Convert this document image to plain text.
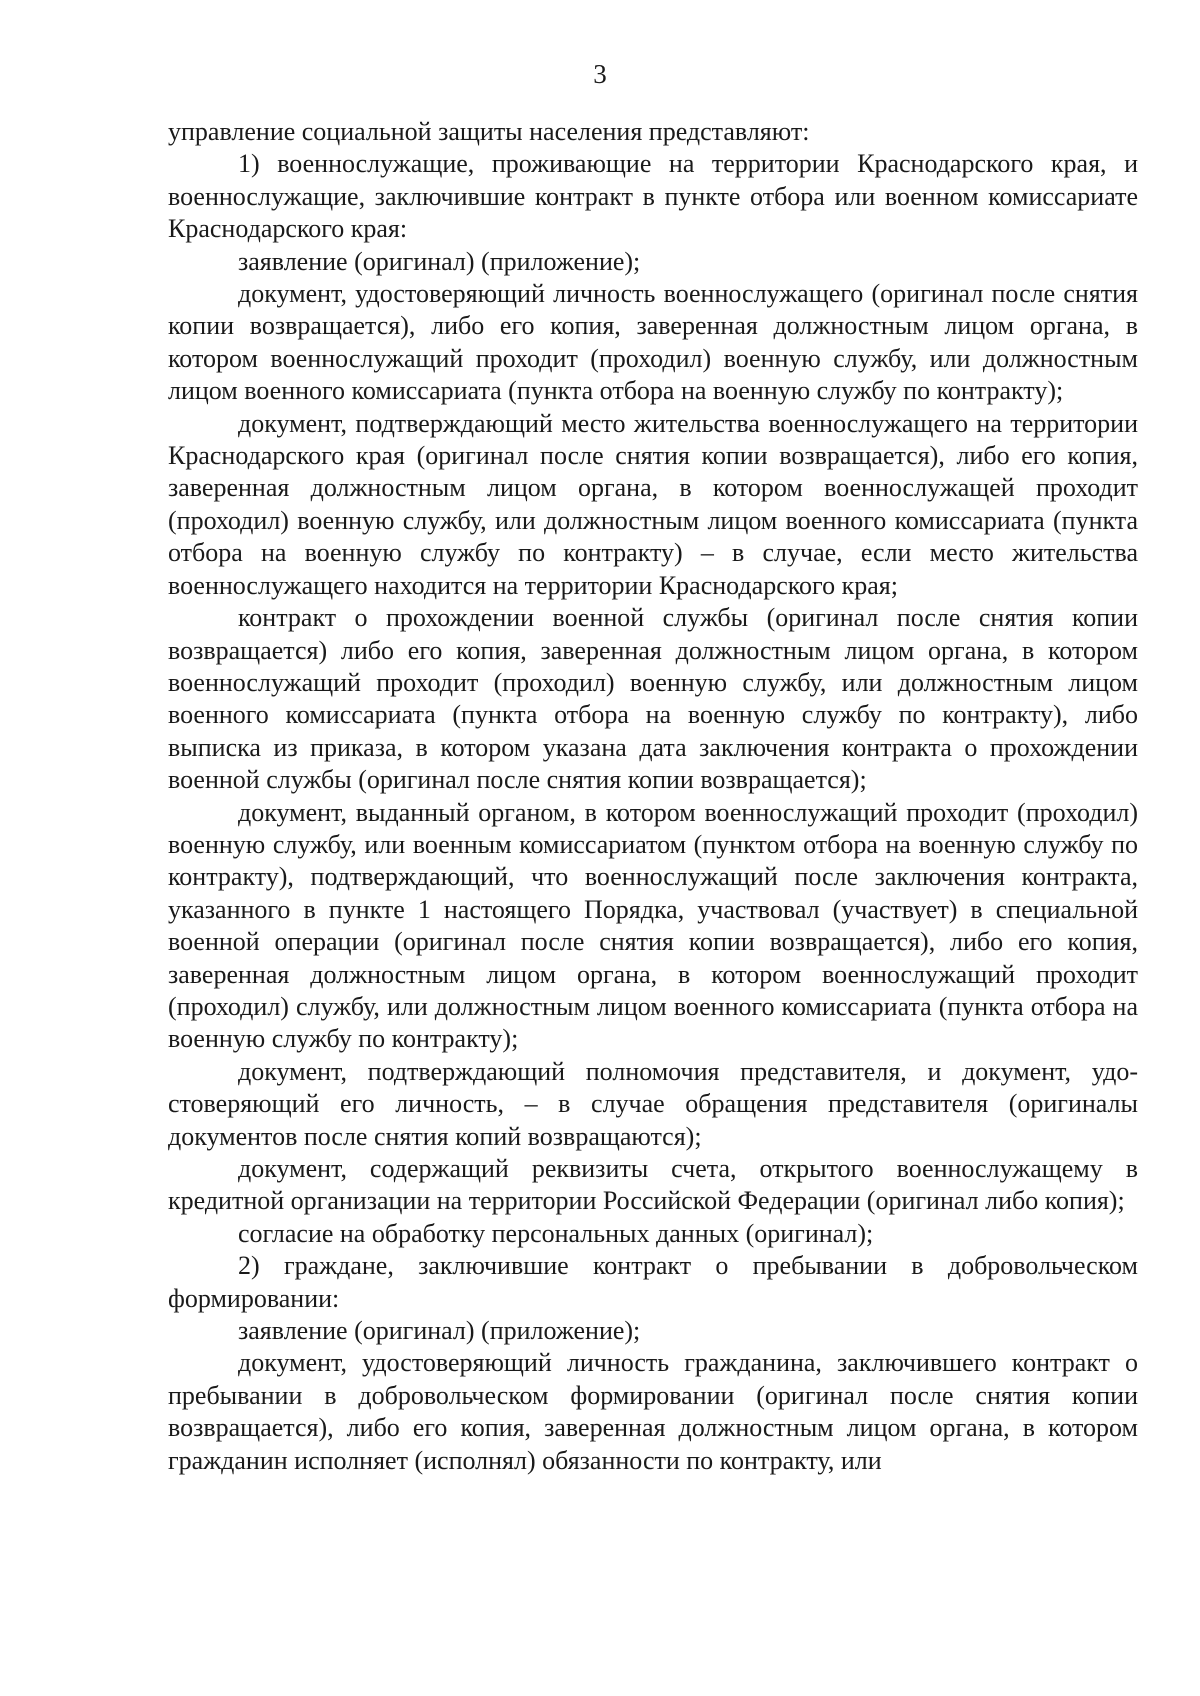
3

управление социальной защиты населения представляют:

1) военнослужащие, проживающие на территории Краснодарского края, и военнослужащие, заключившие контракт в пункте отбора или военном комиссариате Краснодарского края:

заявление (оригинал) (приложение);

документ, удостоверяющий личность военнослужащего (оригинал после снятия копии возвращается), либо его копия, заверенная должностным лицом органа, в котором военнослужащий проходит (проходил) военную службу, или должностным лицом военного комиссариата (пункта отбора на военную службу по контракту);

документ, подтверждающий место жительства военнослужащего на территории Краснодарского края (оригинал после снятия копии возвращается), либо его копия, заверенная должностным лицом органа, в котором военнослужащей проходит (проходил) военную службу, или должностным лицом военного комиссариата (пункта отбора на военную службу по контракту) – в случае, если место жительства военнослужащего находится на территории Краснодарского края;

контракт о прохождении военной службы (оригинал после снятия копии возвращается) либо его копия, заверенная должностным лицом органа, в котором военнослужащий проходит (проходил) военную службу, или должностным лицом военного комиссариата (пункта отбора на военную службу по контракту), либо выписка из приказа, в котором указана дата заключения контракта о прохождении военной службы (оригинал после снятия копии возвращается);

документ, выданный органом, в котором военнослужащий проходит (проходил) военную службу, или военным комиссариатом (пунктом отбора на военную службу по контракту), подтверждающий, что военнослужащий после заключения контракта, указанного в пункте 1 настоящего Порядка, участвовал (участвует) в специальной военной операции (оригинал после снятия копии возвращается), либо его копия, заверенная должностным лицом органа, в котором военнослужащий проходит (проходил) службу, или должностным лицом военного комиссариата (пункта отбора на военную службу по контракту);

документ, подтверждающий полномочия представителя, и документ, удостоверяющий его личность, – в случае обращения представителя (оригиналы документов после снятия копий возвращаются);

документ, содержащий реквизиты счета, открытого военнослужащему в кредитной организации на территории Российской Федерации (оригинал либо копия);

согласие на обработку персональных данных (оригинал);

2) граждане, заключившие контракт о пребывании в добровольческом формировании:

заявление (оригинал) (приложение);

документ, удостоверяющий личность гражданина, заключившего контракт о пребывании в добровольческом формировании (оригинал после снятия копии возвращается), либо его копия, заверенная должностным лицом органа, в котором гражданин исполняет (исполнял) обязанности по контракту, или
